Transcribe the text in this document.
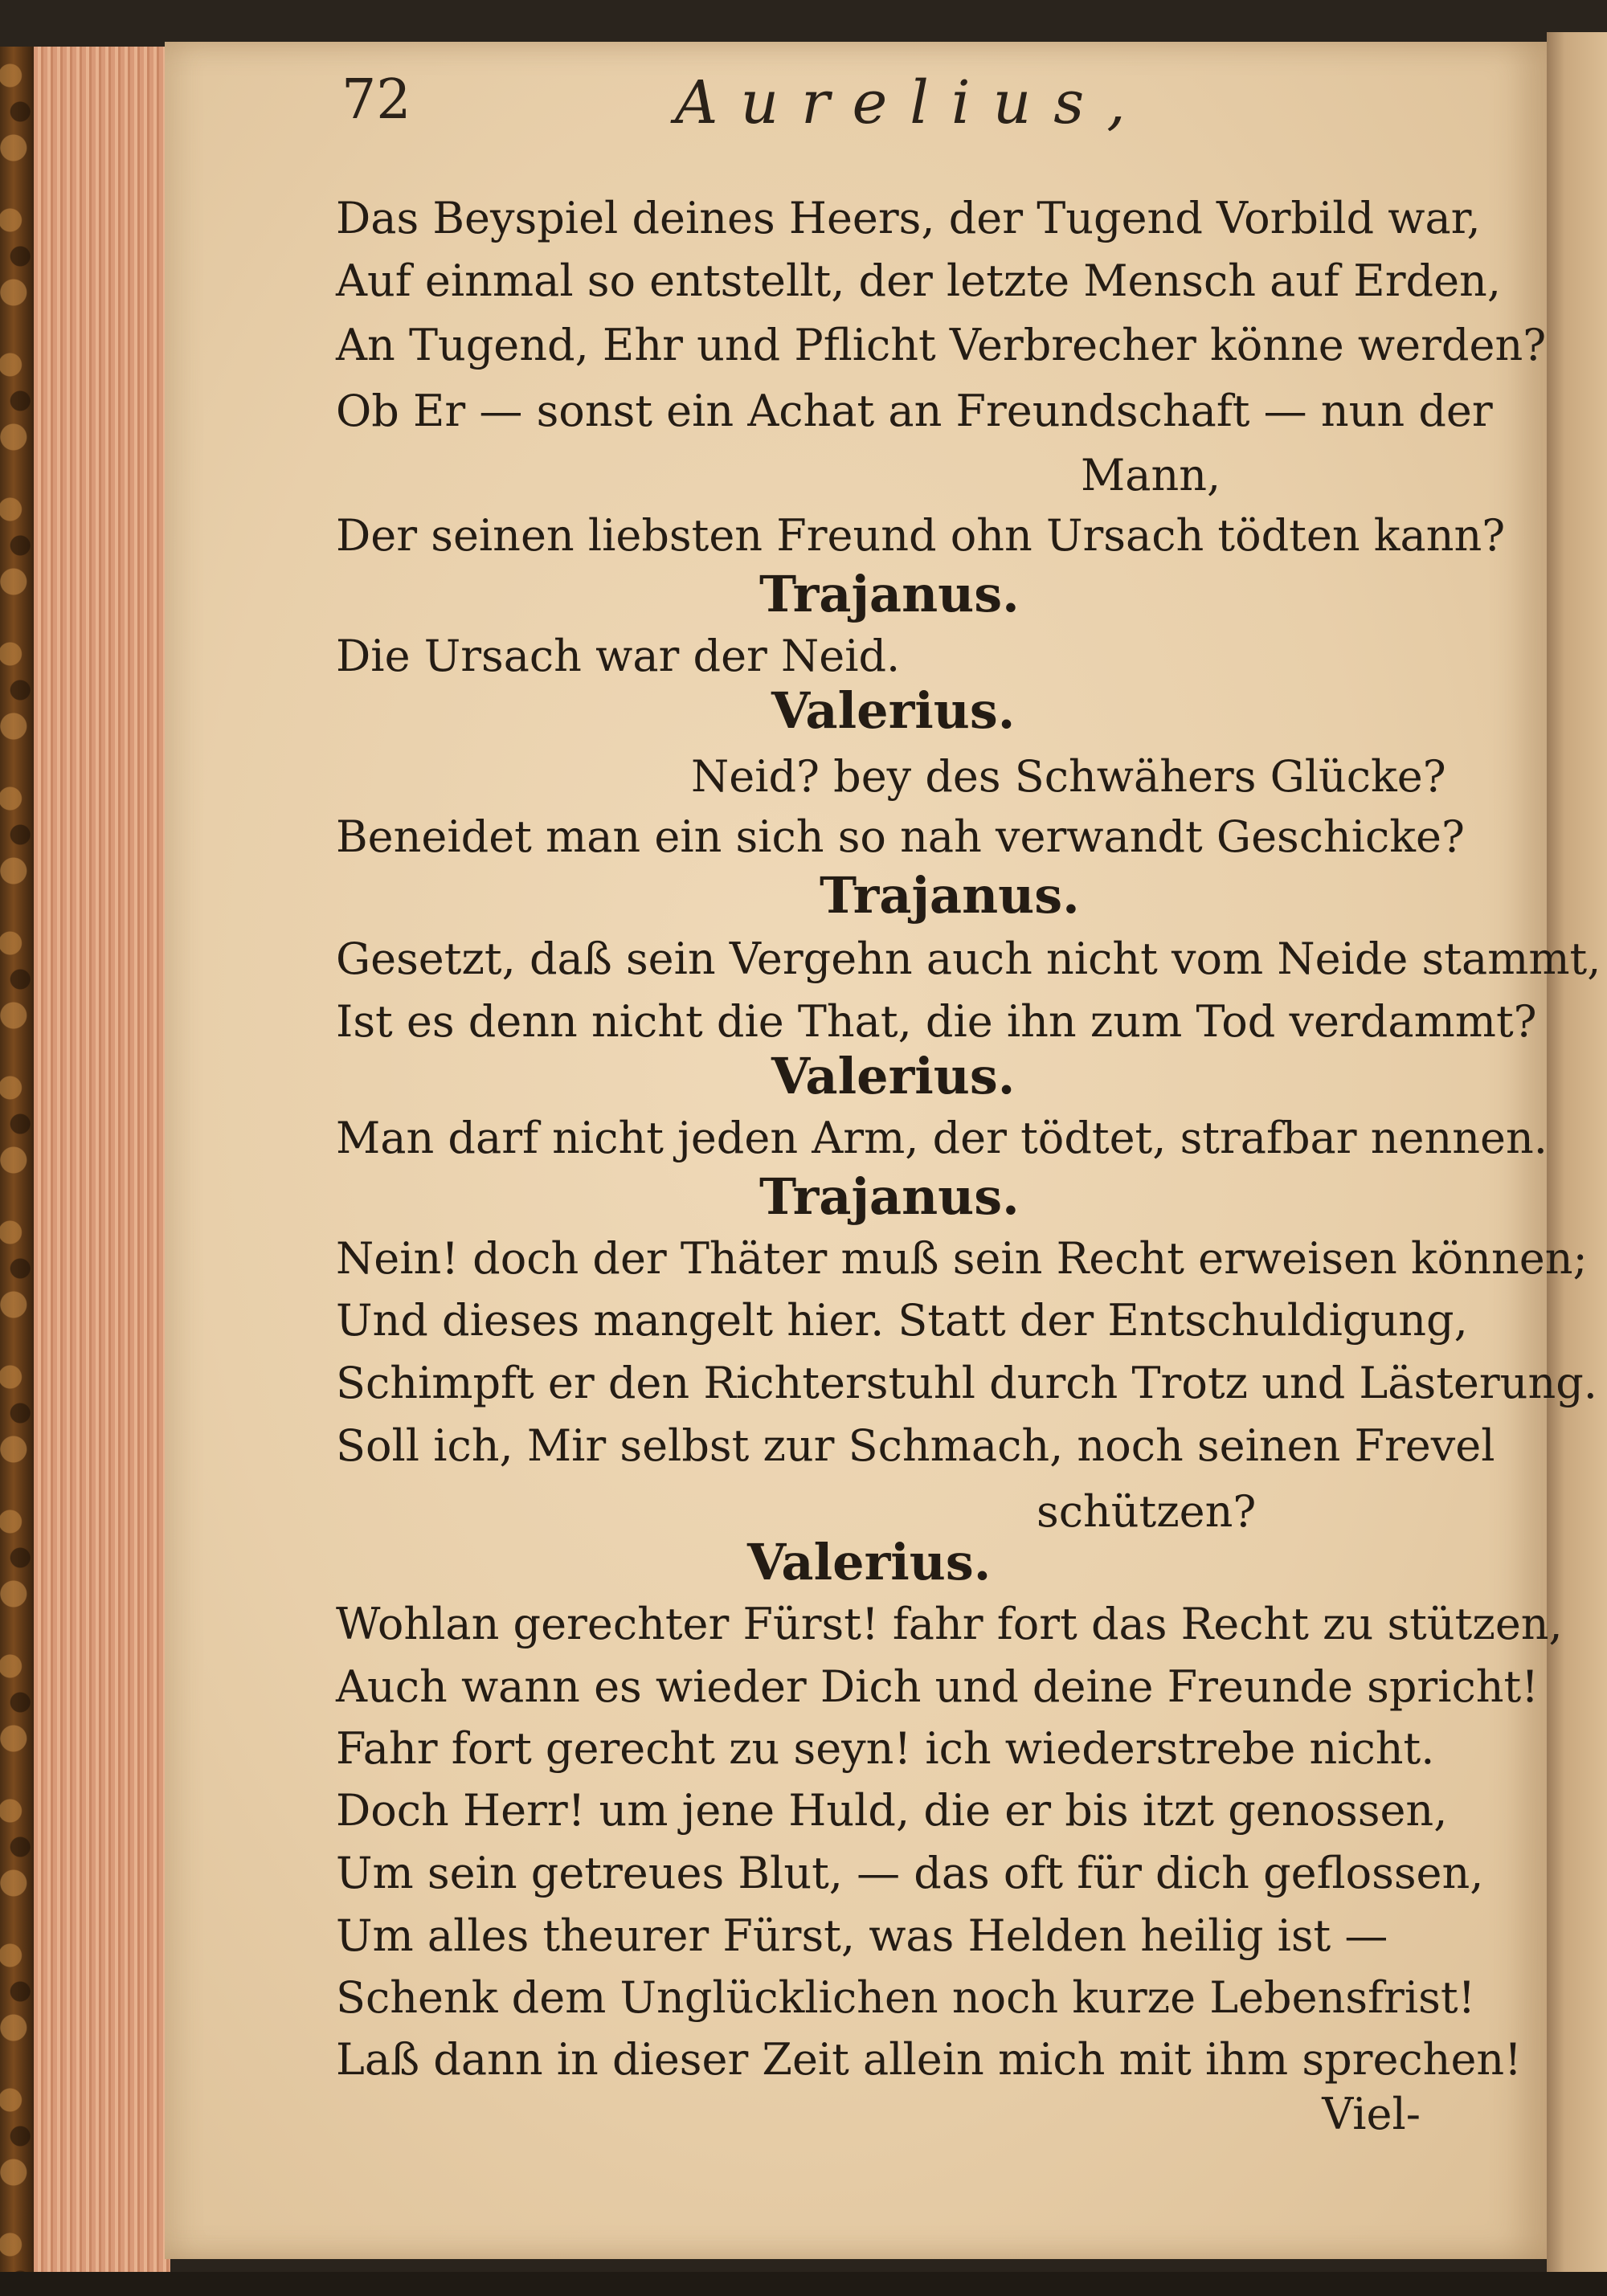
72	Aurelius,
Das Beyspiel deines Heers, der Tugend Vorbild war,
Auf einmal so entstellt, der letzte Mensch auf Erden,
An Tugend, Ehr und Pflicht Verbrecher könne werden?
Ob Er — sonst ein Achat an Freundschaft — nun der
Mann,
Der seinen liebsten Freund ohn Ursach tödten kann?
Trajanus.
Die Ursach war der Neid.
Valerius.
Neid? bey des Schwähers Glücke?
Beneidet man ein sich so nah verwandt Geschicke?
Trajanus.
Gesetzt, daß sein Vergehn auch nicht vom Neide stammt,
Ist es denn nicht die That, die ihn zum Tod verdammt?
Valerius.
Man darf nicht jeden Arm, der tödtet, strafbar nennen.
Trajanus.
Nein! doch der Thäter muß sein Recht erweisen können;
Und dieses mangelt hier. Statt der Entschuldigung,
Schimpft er den Richterstuhl durch Trotz und Lästerung.
Soll ich, Mir selbst zur Schmach, noch seinen Frevel
schützen?
Valerius.
Wohlan gerechter Fürst! fahr fort das Recht zu stützen,
Auch wann es wieder Dich und deine Freunde spricht!
Fahr fort gerecht zu seyn! ich wiederstrebe nicht.
Doch Herr! um jene Huld, die er bis itzt genossen,
Um sein getreues Blut, — das oft für dich geflossen,
Um alles theurer Fürst, was Helden heilig ist —
Schenk dem Unglücklichen noch kurze Lebensfrist!
Laß dann in dieser Zeit allein mich mit ihm sprechen!
Viel-
